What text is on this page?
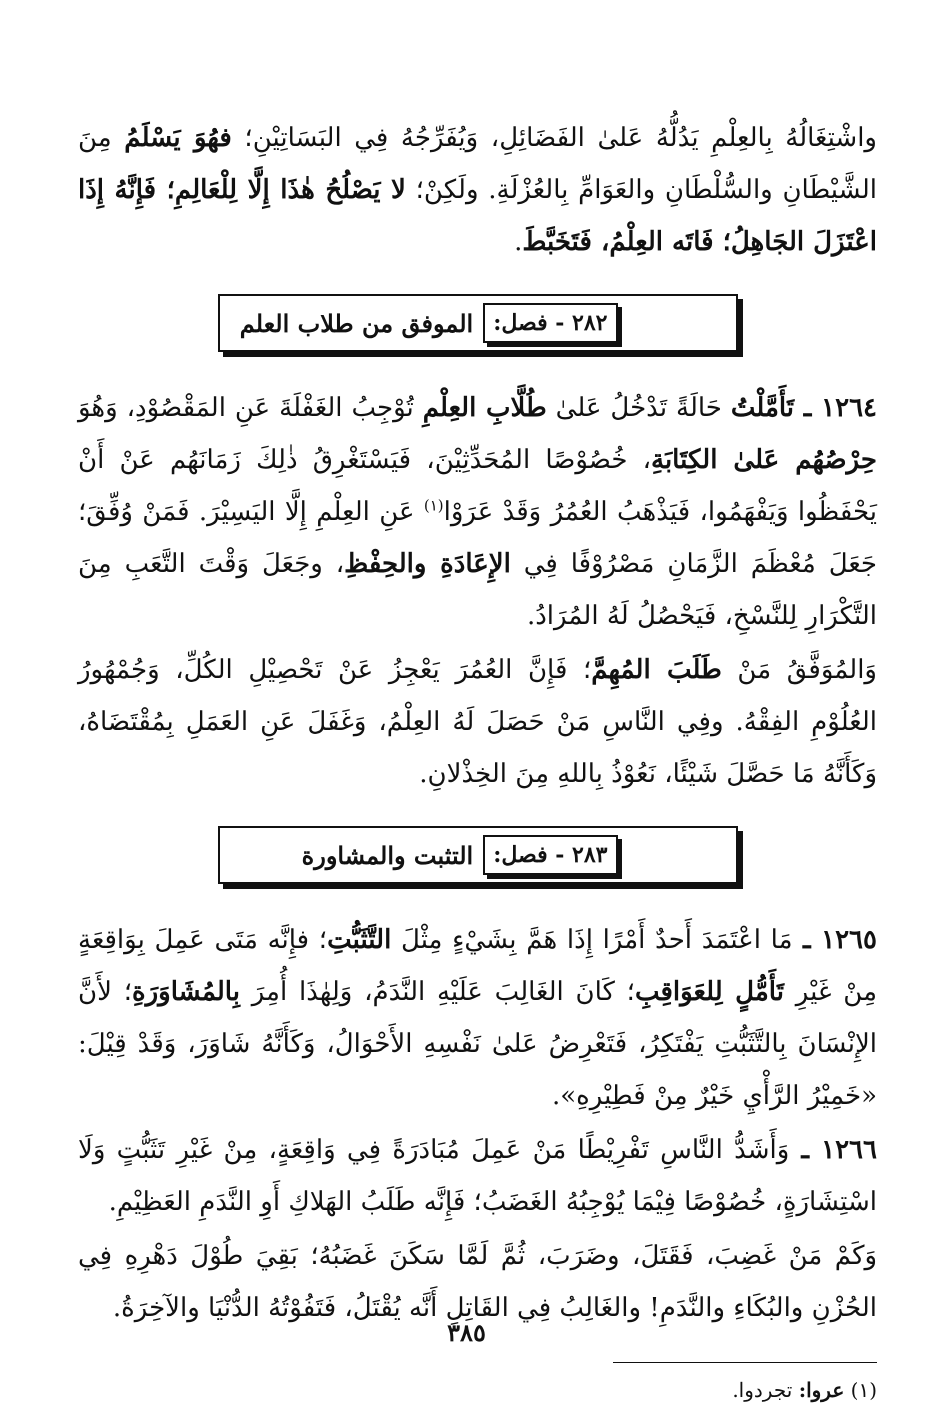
واشْتِغَالُهُ بِالعِلْمِ يَدُلُّهُ عَلىٰ الفَضَائِلِ، وَيُفَرِّجُهُ فِي البَسَاتِيْنِ؛ فهُوَ يَسْلَمُ مِنَ الشَّيْطَانِ والسُّلْطَانِ والعَوَامِّ بِالعُزْلَةِ. ولَكِنْ؛ لا يَصْلُحُ هٰذَا إِلَّا لِلْعَالِمِ؛ فَإِنَّهُ إِذَا اعْتَزَلَ الجَاهِلُ؛ فَاتَه العِلْمُ، فَتَخَبَّطَ.

٢٨٢ - فصل:
الموفق من طلاب العلم

١٢٦٤ ـ تَأَمَّلْتُ حَالَةً تَدْخُلُ عَلىٰ طُلَّابِ العِلْمِ تُوْجِبُ الغَفْلَةَ عَنِ المَقْصُوْدِ، وَهُوَ حِرْصُهُم عَلىٰ الكِتَابَةِ، خُصُوْصًا المُحَدِّثِيْنَ، فَيَسْتَغْرِقُ ذٰلِكَ زَمَانَهُم عَنْ أَنْ يَحْفَظُوا وَيَفْهَمُوا، فَيَذْهَبُ العُمُرُ وَقَدْ عَرَوْا$^{(١)}$ عَنِ العِلْمِ إِلَّا اليَسِيْرَ. فَمَنْ وُفِّقَ؛ جَعَلَ مُعْظَمَ الزَّمَانِ مَصْرُوْفًا فِي الإِعَادَةِ والحِفْظِ، وجَعَلَ وَقْتَ التَّعَبِ مِنَ التَّكْرَارِ لِلنَّسْخِ، فَيَحْصُلُ لَهُ المُرَادُ.

وَالمُوَفَّقُ مَنْ طَلَبَ المُهِمَّ؛ فَإِنَّ العُمُرَ يَعْجِزُ عَنْ تَحْصِيْلِ الكُلِّ، وَجُمْهُورُ العُلُوْمِ الفِقْهُ. وفِي النَّاسِ مَنْ حَصَلَ لَهُ العِلْمُ، وَغَفَلَ عَنِ العَمَلِ بِمُقْتَضَاهُ، وَكَأَنَّهُ مَا حَصَّلَ شَيْئًا، نَعُوْذُ بِاللهِ مِنَ الخِذْلانِ.

٢٨٣ - فصل:
التثبت والمشاورة

١٢٦٥ ـ مَا اعْتَمَدَ أَحدٌ أَمْرًا إِذَا هَمَّ بِشَيْءٍ مِثْلَ التَّثَبُّتِ؛ فإِنَّه مَتَى عَمِلَ بِوَاقِعَةٍ مِنْ غَيْرِ تَأَمُّلٍ لِلعَوَاقِبِ؛ كَانَ الغَالِبَ عَلَيْهِ النَّدَمُ، وَلِهٰذَا أُمِرَ بِالمُشَاوَرَةِ؛ لأَنَّ الإِنْسَانَ بِالتَّثَبُّتِ يَفْتَكِرُ، فَتَعْرِضُ عَلىٰ نَفْسِهِ الأَحْوَالُ، وَكَأَنَّهُ شَاوَرَ، وَقَدْ قِيْلَ: «خَمِيْرُ الرَّأْيِ خَيْرٌ مِنْ فَطِيْرِهِ».

١٢٦٦ ـ وَأَشَدُّ النَّاسِ تَفْرِيْطًا مَنْ عَمِلَ مُبَادَرَةً فِي وَاقِعَةٍ، مِنْ غَيْرِ تَثَبُّتٍ وَلَا اسْتِشَارَةٍ، خُصُوْصًا فِيْمَا يُوْجِبُهُ الغَضَبُ؛ فَإِنَّه طَلَبُ الهَلاكِ أَوِ النَّدَمِ العَظِيْمِ.

وَكَمْ مَنْ غَضِبَ، فَقَتَلَ، وضَرَبَ، ثُمَّ لَمَّا سَكَنَ غَضَبُهُ؛ بَقِيَ طُوْلَ دَهْرِهِ فِي الحُزْنِ والبُكَاءِ والنَّدَمِ! والغَالِبُ فِي القَاتِلِ أَنَّه يُقْتَلُ، فَتَفُوْتُهُ الدُّنْيَا والآخِرَةُ.

(١) عروا: تجردوا.

٣٨٥
